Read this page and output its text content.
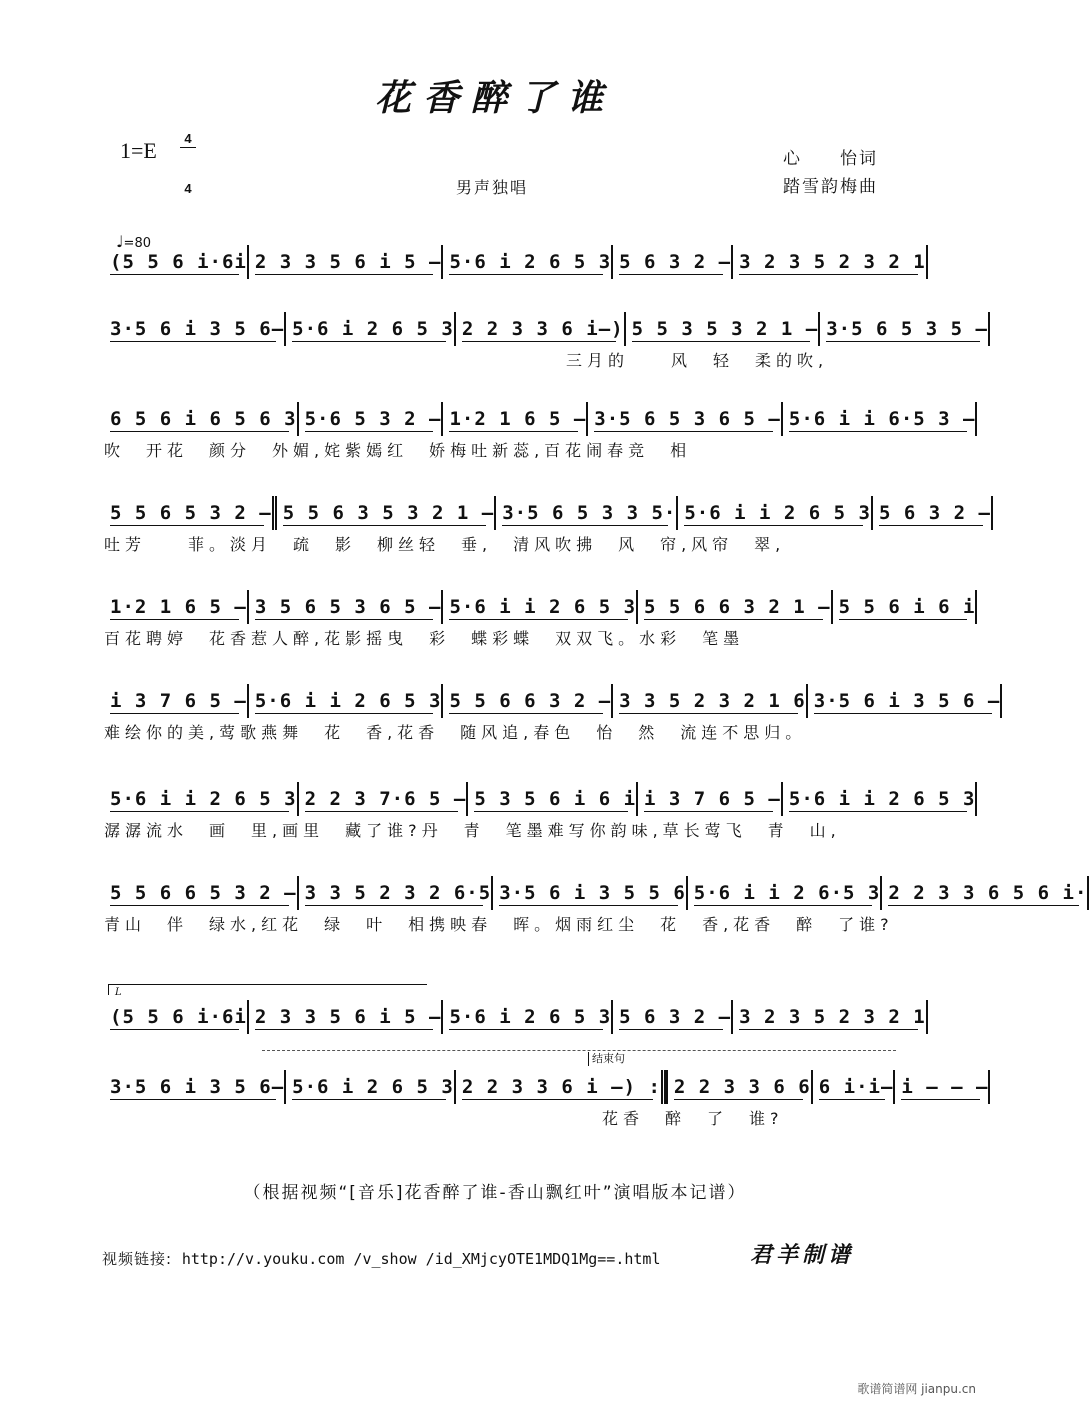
花香醉了谁
1=E	4
4
心　　怡词
踏雪韵梅曲
男声独唱
♩=80
(5 5 6 i·6i 2 3 3 5 6 i 5 – 5·6 i 2 6 5 3 5 6 3 2 – 3 2 3 5 2 3 2 1
3·5 6 i 3 5 6– 5·6 i 2 6 5 3 2 2 3 3 6 i–) 5 5 3 5 3 2 1 – 3·5 6 5 3 5 –
三月的　　风　轻　柔的吹,
6 5 6 i 6 5 6 3 5·6 5 3 2 – 1·2 1 6 5 – 3·5 6 5 3 6 5 – 5·6 i i 6·5 3 –
吹　开花　颜分　外媚,姹紫嫣红　娇梅吐新蕊,百花闹春竞　相
5 5 6 5 3 2 – 5 5 6 3 5 3 2 1 – 3·5 6 5 3 3 5· 5·6 i i 2 6 5 3 5 6 3 2 –
吐芳　　菲。淡月　疏　影　柳丝轻　垂,　清风吹拂　风　帘,风帘　翠,
1·2 1 6 5 – 3 5 6 5 3 6 5 – 5·6 i i 2 6 5 3 5 5 6 6 3 2 1 – 5 5 6 i 6 i
百花聘婷　花香惹人醉,花影摇曳　彩　蝶彩蝶　双双飞。水彩　笔墨
i 3 7 6 5 – 5·6 i i 2 6 5 3 5 5 6 6 3 2 – 3 3 5 2 3 2 1 6 3·5 6 i 3 5 6 –
难绘你的美,莺歌燕舞　花　香,花香　随风追,春色　怡　然　流连不思归。
5·6 i i 2 6 5 3 2 2 3 7·6 5 – 5 3 5 6 i 6 i i 3 7 6 5 – 5·6 i i 2 6 5 3
潺潺流水　画　里,画里　藏了谁?丹　青　笔墨难写你韵味,草长莺飞　青　山,
5 5 6 6 5 3 2 – 3 3 5 2 3 2 6·5 3·5 6 i 3 5 5 6 5·6 i i 2 6·5 3 2 2 3 3 6 5 6 i·
青山　伴　绿水,红花　绿　叶　相携映春　晖。烟雨红尘　花　香,花香　醉　了谁?
(5 5 6 i·6i 2 3 3 5 6 i 5 – 5·6 i 2 6 5 3 5 6 3 2 – 3 2 3 5 2 3 2 1
3·5 6 i 3 5 6– 5·6 i 2 6 5 3 2 2 3 3 6 i –) : 2 2 3 3 6 6 6 i·i– i – – –
花香　醉　了　谁?
L
结束句
（根据视频“[音乐]花香醉了谁-香山飘红叶”演唱版本记谱）
视频链接: http://v.youku.com /v_show /id_XMjcyOTE1MDQ1Mg==.html	君羊制谱
歌谱简谱网 jianpu.cn
